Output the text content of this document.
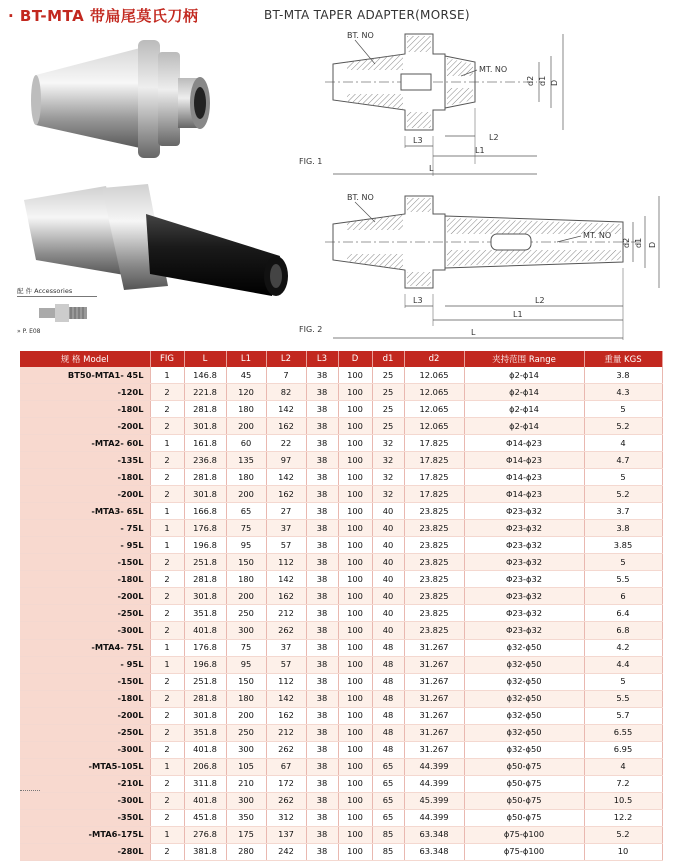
· BT-MTA 带扁尾莫氏刀柄	BT-MTA TAPER ADAPTER(MORSE)
配 件 Accessories
» P. E08
BT. NO
MT. NO
d2 d1 D
L3	L2
L1
L
FIG. 1
BT. NO
MT. NO
d2 d1 D
L3	L2
L1
L
FIG. 2
规 格 Model	FIG	L	L1	L2	L3	D	d1	d2	夹持范围 Range	重量 KGS
BT50-MTA1- 45L	1	146.8	45	7	38	100	25	12.065	ϕ2-ϕ14	3.8
-120L	2	221.8	120	82	38	100	25	12.065	ϕ2-ϕ14	4.3
-180L	2	281.8	180	142	38	100	25	12.065	ϕ2-ϕ14	5
-200L	2	301.8	200	162	38	100	25	12.065	ϕ2-ϕ14	5.2
-MTA2- 60L	1	161.8	60	22	38	100	32	17.825	Φ14-ϕ23	4
-135L	2	236.8	135	97	38	100	32	17.825	Φ14-ϕ23	4.7
-180L	2	281.8	180	142	38	100	32	17.825	Φ14-ϕ23	5
-200L	2	301.8	200	162	38	100	32	17.825	Φ14-ϕ23	5.2
-MTA3- 65L	1	166.8	65	27	38	100	40	23.825	Φ23-ϕ32	3.7
- 75L	1	176.8	75	37	38	100	40	23.825	Φ23-ϕ32	3.8
- 95L	1	196.8	95	57	38	100	40	23.825	Φ23-ϕ32	3.85
-150L	2	251.8	150	112	38	100	40	23.825	Φ23-ϕ32	5
-180L	2	281.8	180	142	38	100	40	23.825	Φ23-ϕ32	5.5
-200L	2	301.8	200	162	38	100	40	23.825	Φ23-ϕ32	6
-250L	2	351.8	250	212	38	100	40	23.825	Φ23-ϕ32	6.4
-300L	2	401.8	300	262	38	100	40	23.825	Φ23-ϕ32	6.8
-MTA4- 75L	1	176.8	75	37	38	100	48	31.267	ϕ32-ϕ50	4.2
- 95L	1	196.8	95	57	38	100	48	31.267	ϕ32-ϕ50	4.4
-150L	2	251.8	150	112	38	100	48	31.267	ϕ32-ϕ50	5
-180L	2	281.8	180	142	38	100	48	31.267	ϕ32-ϕ50	5.5
-200L	2	301.8	200	162	38	100	48	31.267	ϕ32-ϕ50	5.7
-250L	2	351.8	250	212	38	100	48	31.267	ϕ32-ϕ50	6.55
-300L	2	401.8	300	262	38	100	48	31.267	ϕ32-ϕ50	6.95
-MTA5-105L	1	206.8	105	67	38	100	65	44.399	ϕ50-ϕ75	4
-210L	2	311.8	210	172	38	100	65	44.399	ϕ50-ϕ75	7.2
-300L	2	401.8	300	262	38	100	65	45.399	ϕ50-ϕ75	10.5
-350L	2	451.8	350	312	38	100	65	44.399	ϕ50-ϕ75	12.2
-MTA6-175L	1	276.8	175	137	38	100	85	63.348	ϕ75-ϕ100	5.2
-280L	2	381.8	280	242	38	100	85	63.348	ϕ75-ϕ100	10
